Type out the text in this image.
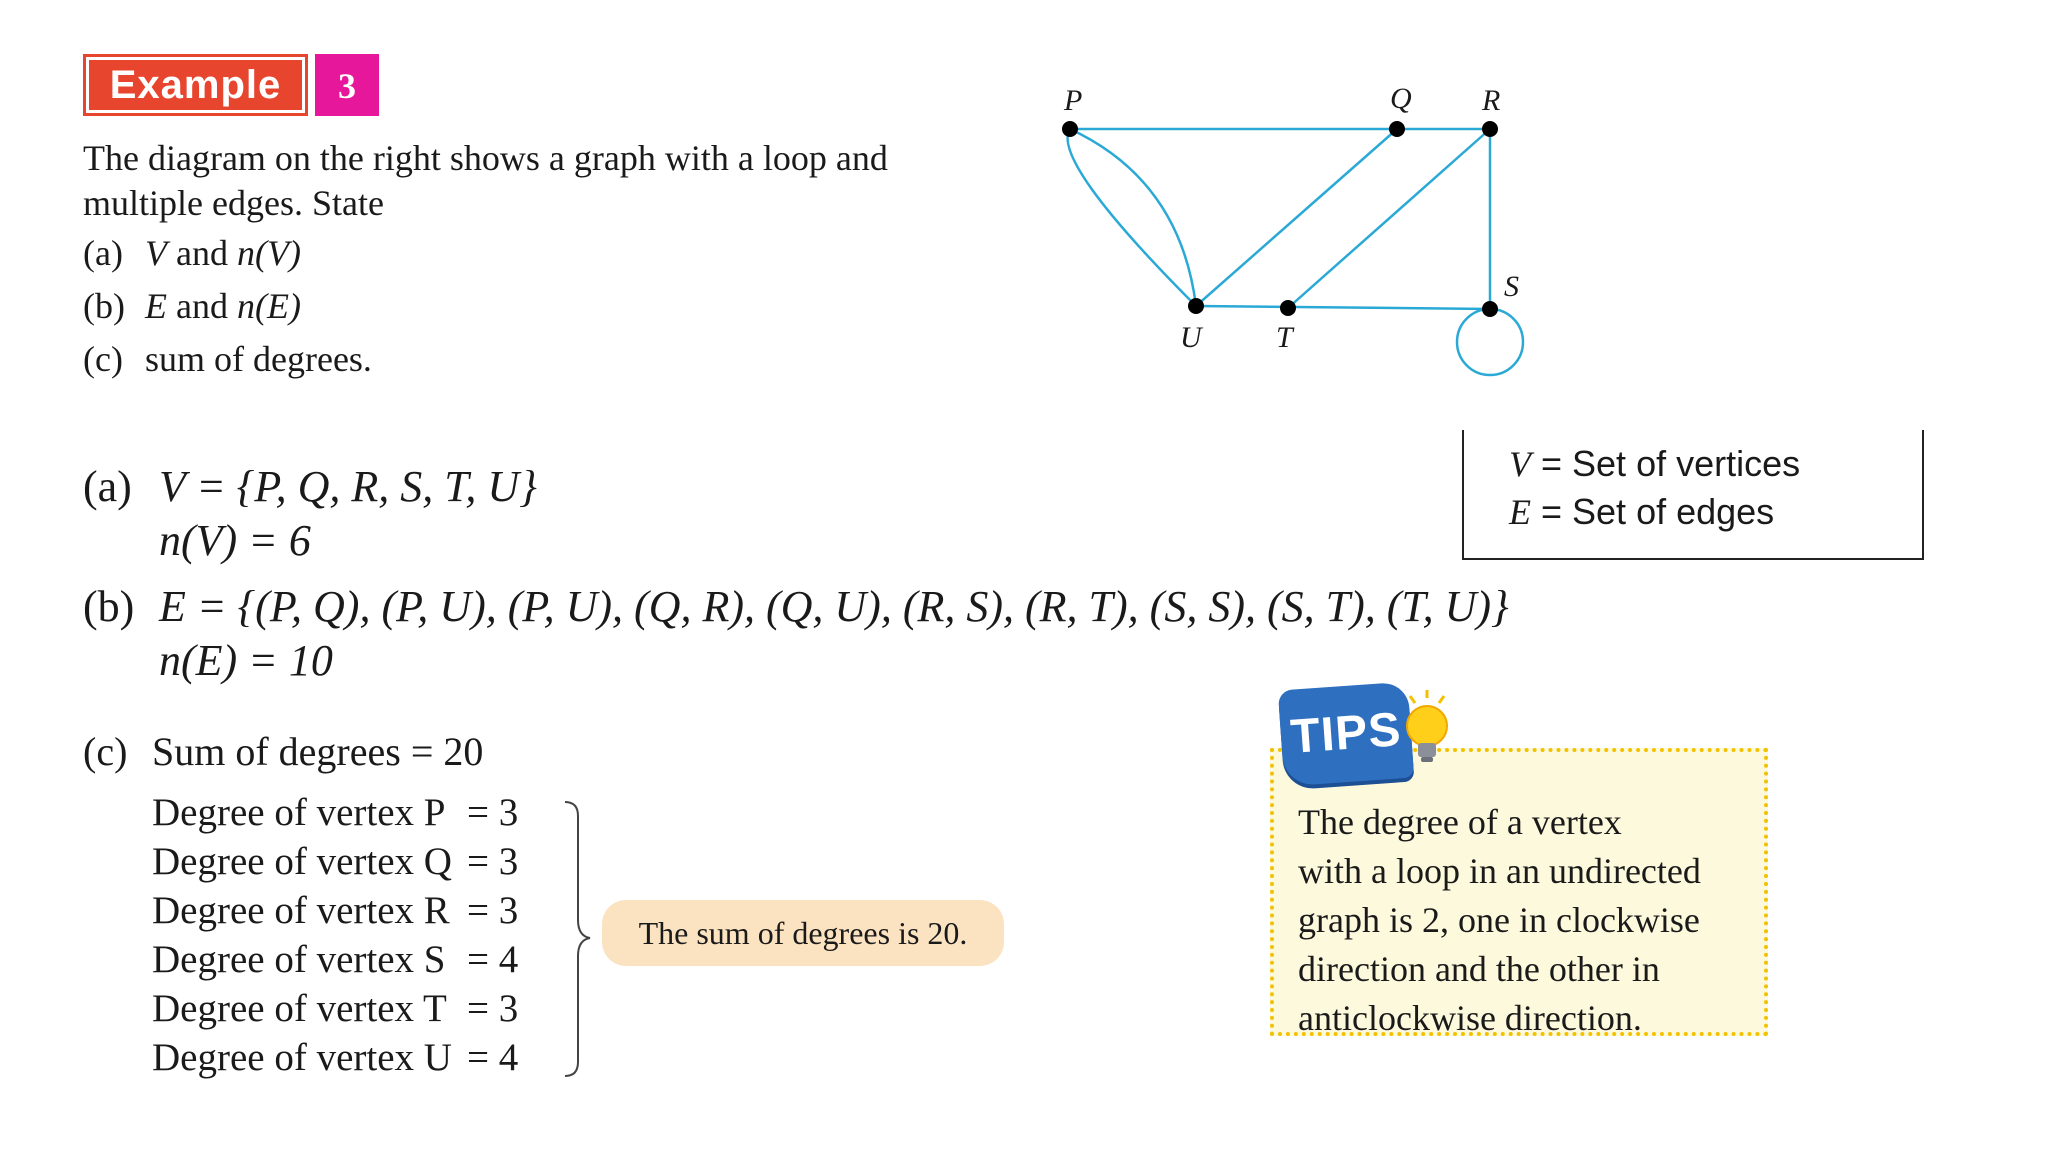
Example	3
The diagram on the right shows a graph with a loop and
multiple edges. State
(a) V and n(V)
(b) E and n(E)
(c) sum of degrees.
P	Q R
S
T
U
V = Set of vertices
E = Set of edges
(a) V = {P, Q, R, S, T, U}
n(V) = 6
(b) E = {(P, Q), (P, U), (P, U), (Q, R), (Q, U), (R, S), (R, T), (S, S), (S, T), (T, U)}
n(E) = 10
(c) Sum of degrees = 20
Degree of vertex P = 3
Degree of vertex Q = 3
Degree of vertex R = 3
Degree of vertex S = 4
Degree of vertex T = 3
Degree of vertex U = 4
The sum of degrees is 20.
TIPS
The degree of a vertex
with a loop in an undirected
graph is 2, one in clockwise
direction and the other in
anticlockwise direction.
